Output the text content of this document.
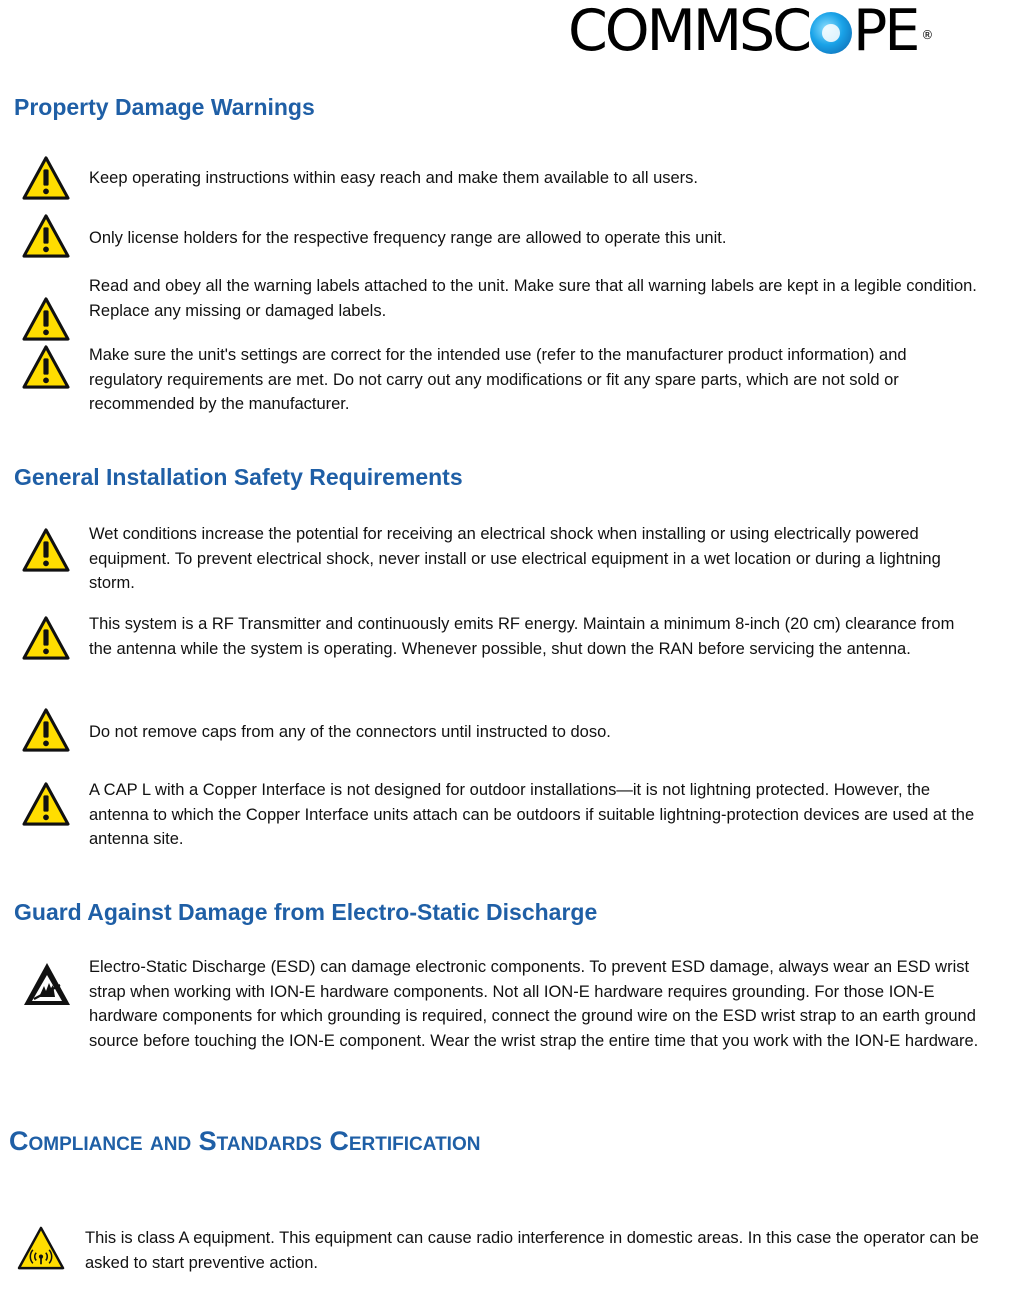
COMMSC PE ®
Property Damage Warnings
Keep operating instructions within easy reach and make them available to all users.
Only license holders for the respective frequency range are allowed to operate this unit.
Read and obey all the warning labels attached to the unit. Make sure that all warning labels are kept in a legible condition. Replace any missing or damaged labels.
Make sure the unit's settings are correct for the intended use (refer to the manufacturer product information) and regulatory requirements are met. Do not carry out any modifications or fit any spare parts, which are not sold or recommended by the manufacturer.
General Installation Safety Requirements
Wet conditions increase the potential for receiving an electrical shock when installing or using electrically powered equipment. To prevent electrical shock, never install or use electrical equipment in a wet location or during a lightning storm.
This system is a RF Transmitter and continuously emits RF energy. Maintain a minimum 8-inch (20 cm) clearance from the antenna while the system is operating. Whenever possible, shut down the RAN before servicing the antenna.
Do not remove caps from any of the connectors until instructed to doso.
A CAP L with a Copper Interface is not designed for outdoor installations—it is not lightning protected. However, the antenna to which the Copper Interface units attach can be outdoors if suitable lightning-protection devices are used at the antenna site.
Guard Against Damage from Electro-Static Discharge
Electro-Static Discharge (ESD) can damage electronic components. To prevent ESD damage, always wear an ESD wrist strap when working with ION-E hardware components. Not all ION-E hardware requires grounding. For those ION-E hardware components for which grounding is required, connect the ground wire on the ESD wrist strap to an earth ground source before touching the ION-E component. Wear the wrist strap the entire time that you work with the ION-E hardware.
Compliance and Standards Certification
This is class A equipment. This equipment can cause radio interference in domestic areas. In this case the operator can be asked to start preventive action.
